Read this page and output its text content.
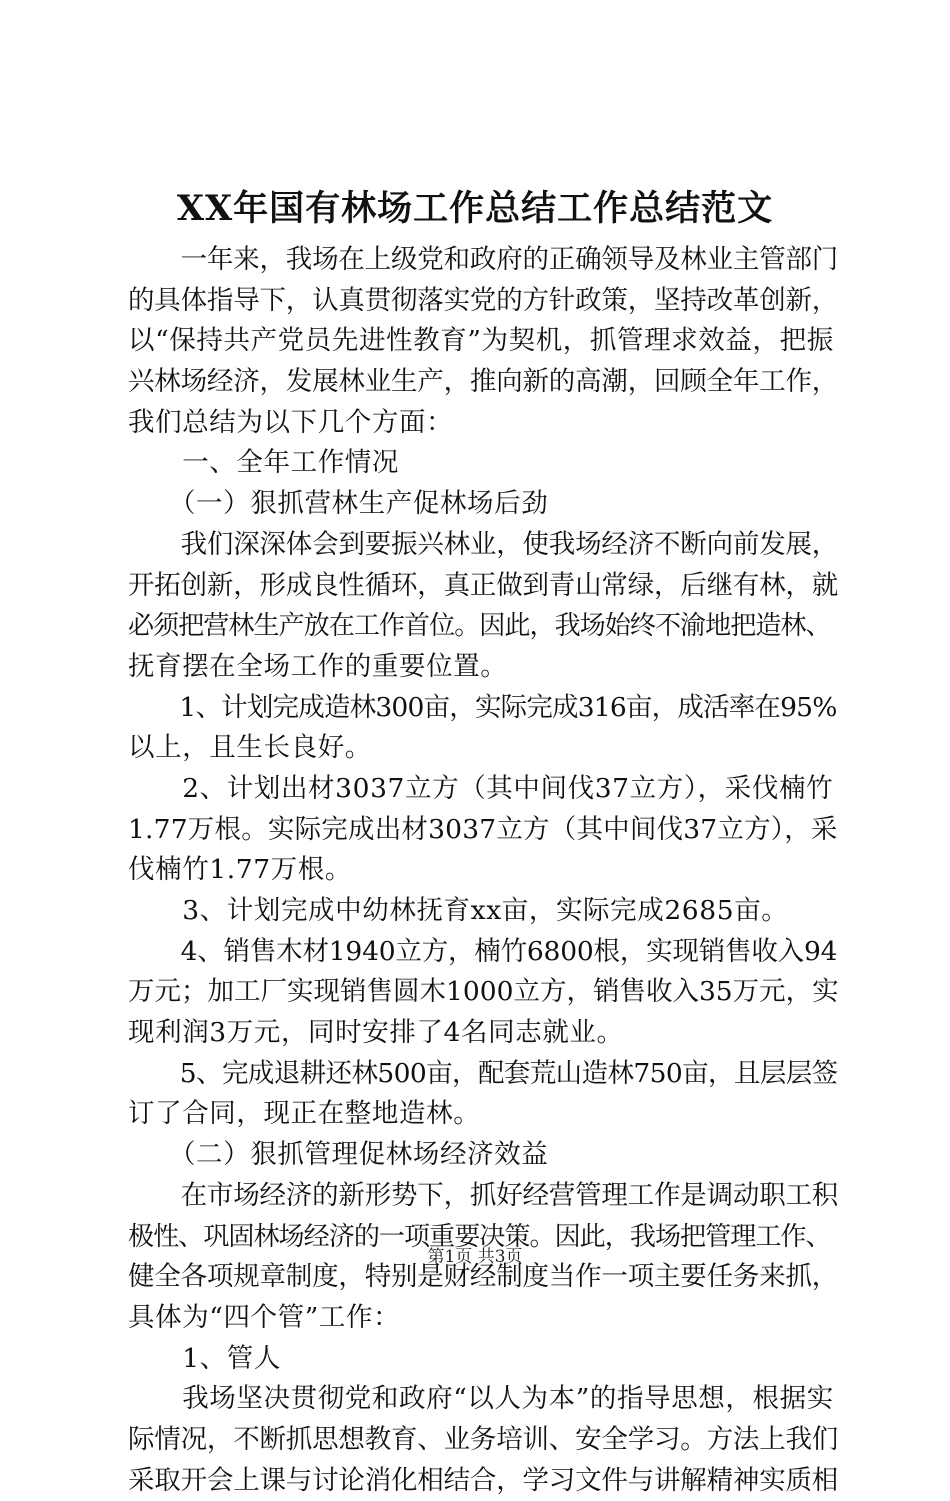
XX年国有林场工作总结工作总结范文
　　一年来，我场在上级党和政府的正确领导及林业主管部门
的具体指导下，认真贯彻落实党的方针政策，坚持改革创新，
以“保持共产党员先进性教育”为契机，抓管理求效益，把振
兴林场经济，发展林业生产，推向新的高潮，回顾全年工作，
我们总结为以下几个方面：
　　一、全年工作情况
　　（一）狠抓营林生产促林场后劲
　　我们深深体会到要振兴林业，使我场经济不断向前发展，
开拓创新，形成良性循环，真正做到青山常绿，后继有林，就
必须把营林生产放在工作首位。因此，我场始终不渝地把造林、
抚育摆在全场工作的重要位置。
　　1、计划完成造林300亩，实际完成316亩，成活率在95%
以上，且生长良好。
　　2、计划出材3037立方（其中间伐37立方），采伐楠竹
1.77万根。实际完成出材3037立方（其中间伐37立方），采
伐楠竹1.77万根。
　　3、计划完成中幼林抚育xx亩，实际完成2685亩。
　　4、销售木材1940立方，楠竹6800根，实现销售收入94
万元；加工厂实现销售圆木1000立方，销售收入35万元，实
现利润3万元，同时安排了4名同志就业。
　　5、完成退耕还林500亩，配套荒山造林750亩，且层层签
订了合同，现正在整地造林。
　　（二）狠抓管理促林场经济效益
　　在市场经济的新形势下，抓好经营管理工作是调动职工积
极性、巩固林场经济的一项重要决策。因此，我场把管理工作、
健全各项规章制度，特别是财经制度当作一项主要任务来抓，
具体为“四个管”工作：
　　1、管人
　　我场坚决贯彻党和政府“以人为本”的指导思想，根据实
际情况，不断抓思想教育、业务培训、安全学习。方法上我们
采取开会上课与讨论消化相结合，学习文件与讲解精神实质相
第1页 共3页
